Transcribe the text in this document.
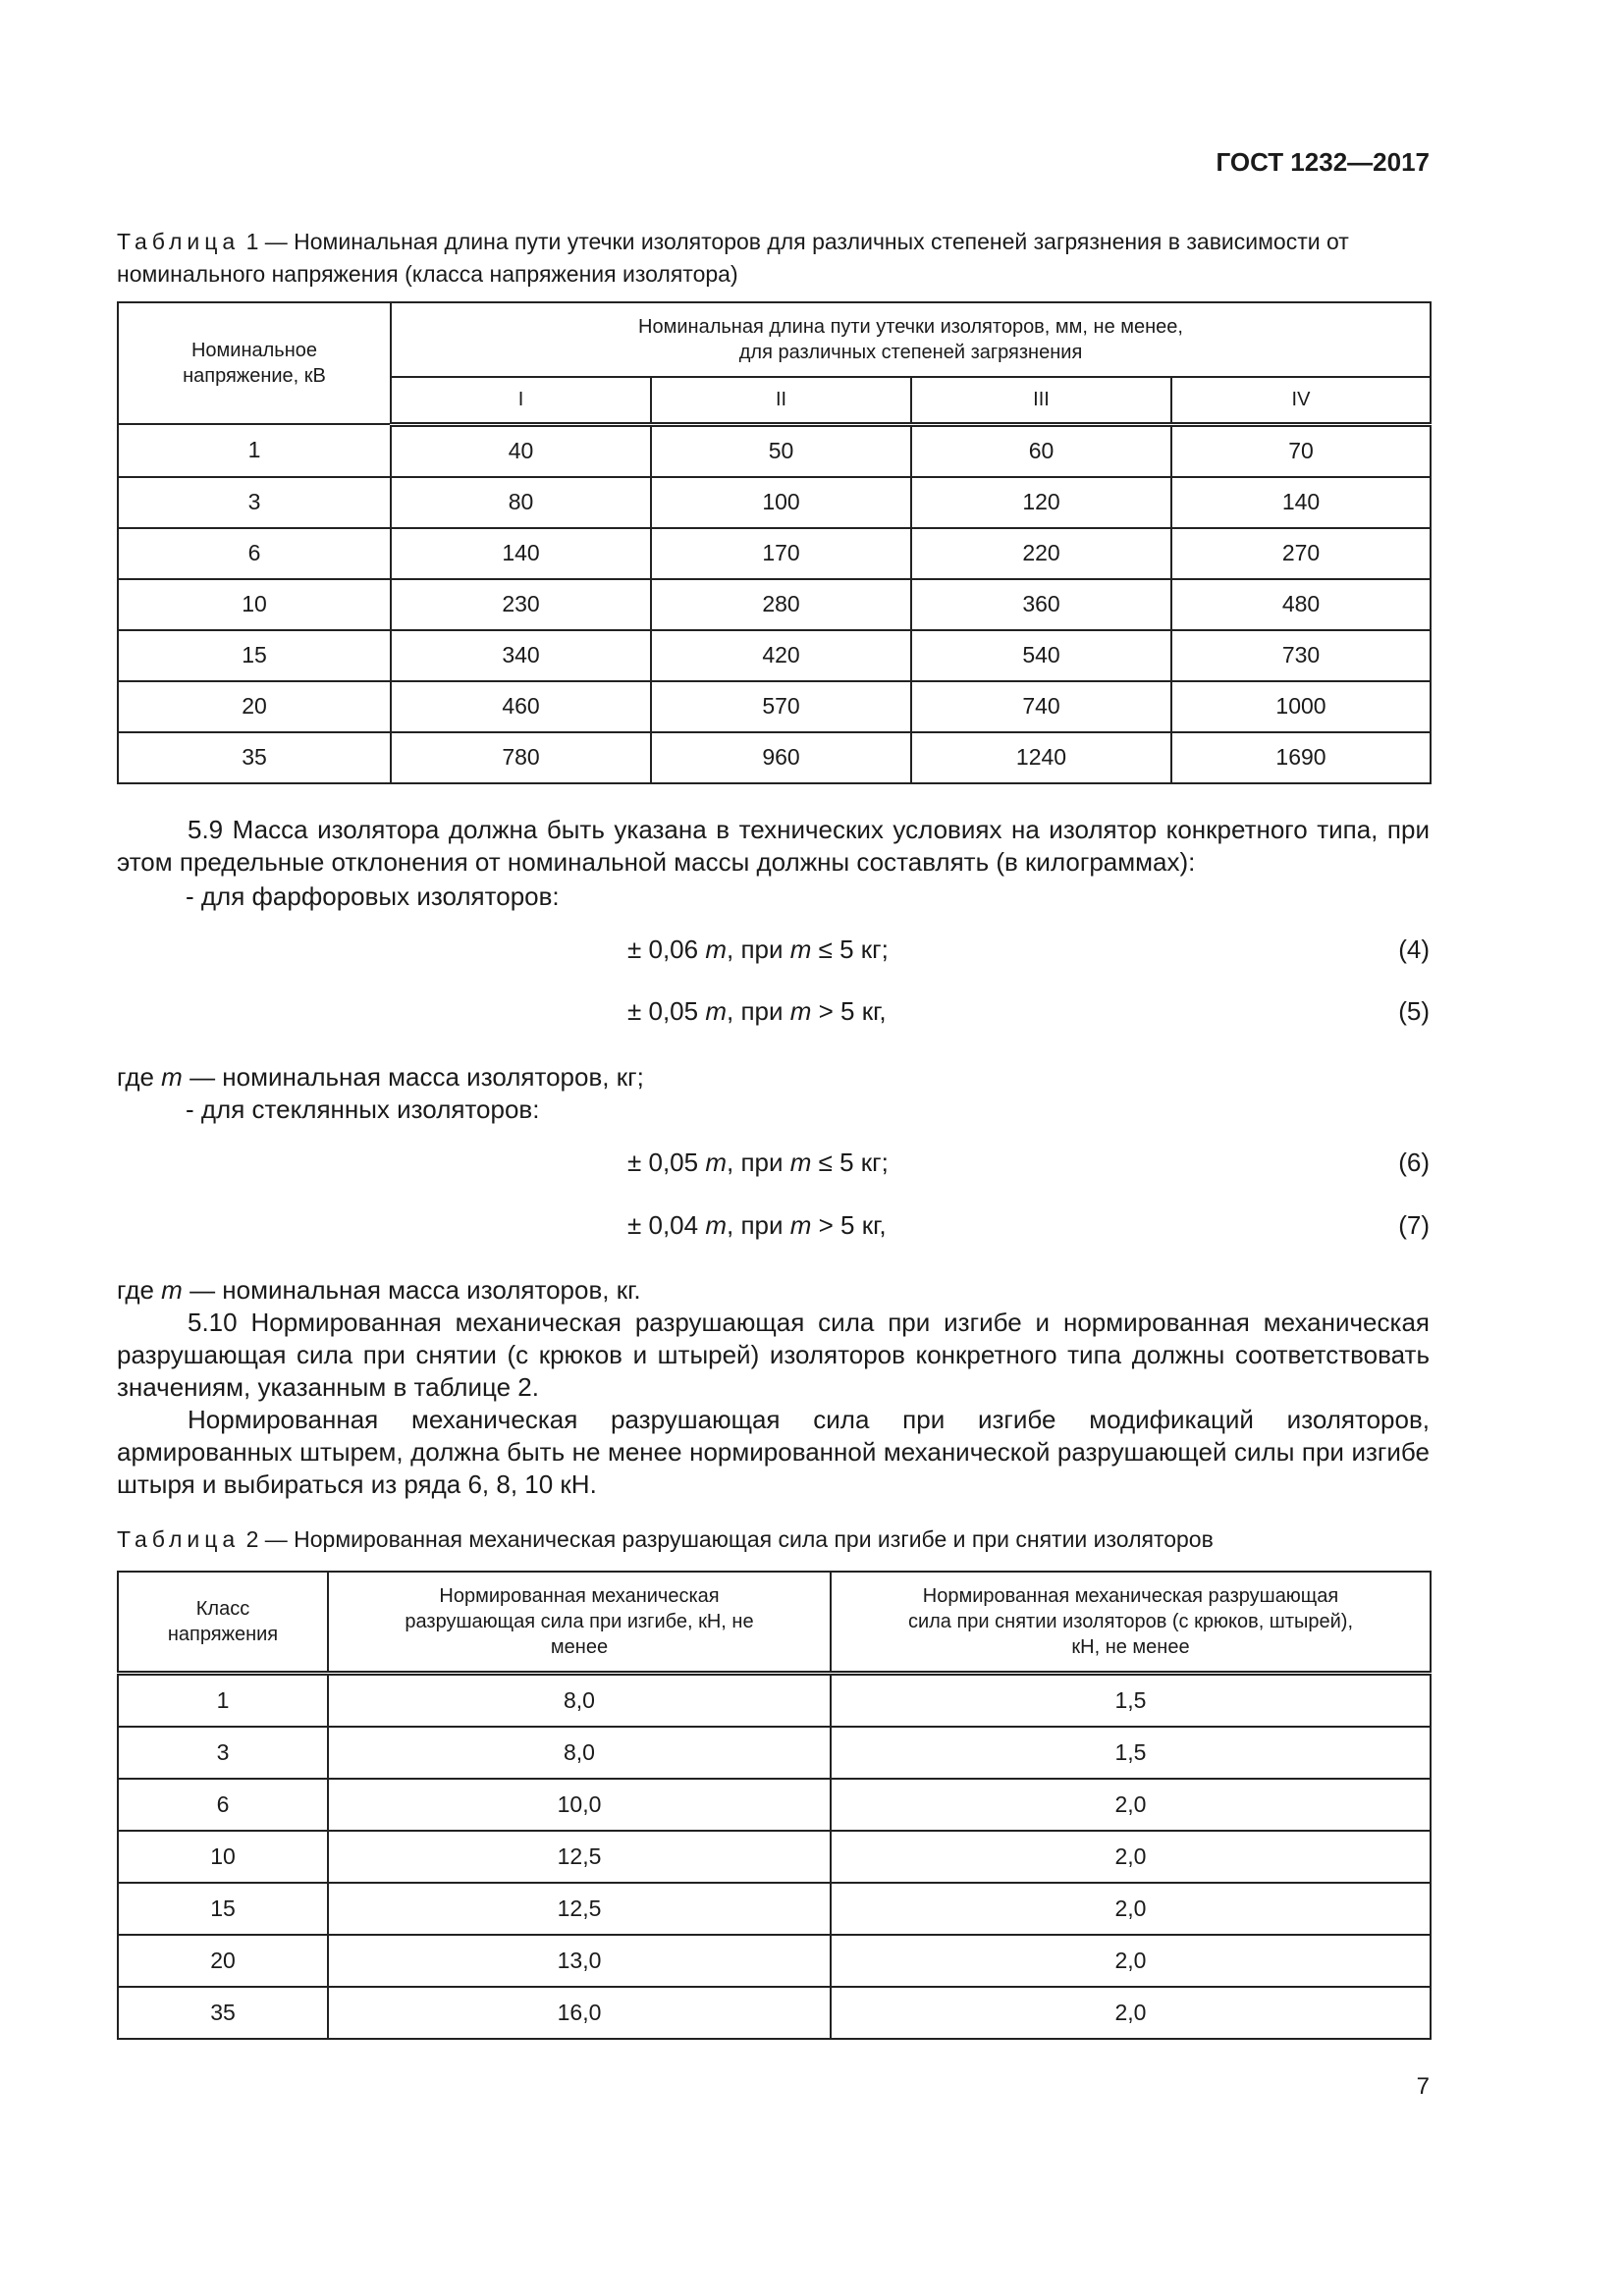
ГОСТ 1232—2017
Таблица 1 — Номинальная длина пути утечки изоляторов для различных степеней загрязнения в зависимости от номинального напряжения (класса напряжения изолятора)
Номинальное напряжение, кВ	Номинальная длина пути утечки изоляторов, мм, не менее,
для различных степеней загрязнения			

	I	II	III	IV
1	40	50	60	70
3	80	100	120	140
6	140	170	220	270
10	230	280	360	480
15	340	420	540	730
20	460	570	740	1000
35	780	960	1240	1690
5.9 Масса изолятора должна быть указана в технических условиях на изолятор конкретного типа, при этом предельные отклонения от номинальной массы должны составлять (в килограммах):
- для фарфоровых изоляторов:
± 0,06 m, при m ≤ 5 кг;	(4)
± 0,05 m, при m > 5 кг,	(5)
где m — номинальная масса изоляторов, кг;
- для стеклянных изоляторов:
± 0,05 m, при m ≤ 5 кг;	(6)
± 0,04 m, при m > 5 кг,	(7)
где m — номинальная масса изоляторов, кг.
5.10 Нормированная механическая разрушающая сила при изгибе и нормированная механическая разрушающая сила при снятии (с крюков и штырей) изоляторов конкретного типа должны соответствовать значениям, указанным в таблице 2.
Нормированная механическая разрушающая сила при изгибе модификаций изоляторов, армированных штырем, должна быть не менее нормированной механической разрушающей силы при изгибе штыря и выбираться из ряда 6, 8, 10 кН.
Таблица 2 — Нормированная механическая разрушающая сила при изгибе и при снятии изоляторов
Класс напряжения	Нормированная механическая разрушающая сила при изгибе, кН, не менее	Нормированная механическая разрушающая сила при снятии изоляторов (с крюков, штырей), кН, не менее

1	8,0	1,5
3	8,0	1,5
6	10,0	2,0
10	12,5	2,0
15	12,5	2,0
20	13,0	2,0
35	16,0	2,0
7
